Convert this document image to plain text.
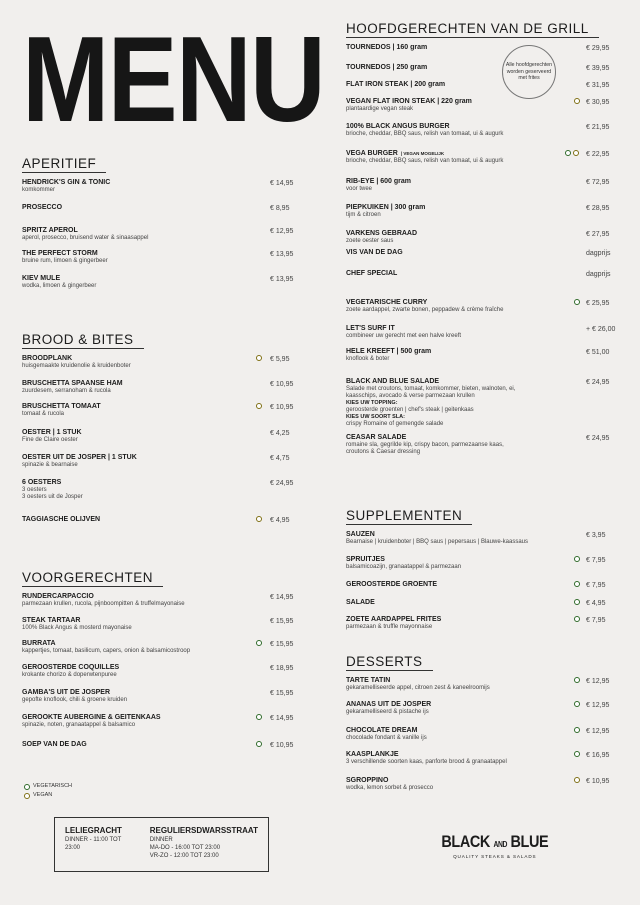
MENU
APERITIEF
HENDRICK'S GIN & TONIC
komkommer
€ 14,95
PROSECCO	€ 8,95
SPRITZ APEROL
aperol, prosecco, bruisend water & sinaasappel
€ 12,95
THE PERFECT STORM
bruine rum, limoen & gingerbeer
€ 13,95
KIEV MULE
wodka, limoen & gingerbeer
€ 13,95
BROOD & BITES
BROODPLANK
huisgemaakte kruidenolie & kruidenboter
€ 5,95
BRUSCHETTA SPAANSE HAM
zuurdesem, serranoham & rucola
€ 10,95
BRUSCHETTA TOMAAT
tomaat & rucola
€ 10,95
OESTER | 1 STUK
Fine de Claire oester
€ 4,25
OESTER UIT DE JOSPER | 1 STUK
spinazie & bearnaise
€ 4,75
6 OESTERS
3 oesters
3 oesters uit de Josper
€ 24,95
TAGGIASCHE OLIJVEN	€ 4,95
VOORGERECHTEN
RUNDERCARPACCIO
parmezaan krullen, rucola, pijnboompitten & truffelmayonaise
€ 14,95
STEAK TARTAAR
100% Black Angus & mosterd mayonaise
€ 15,95
BURRATA
kappertjes, tomaat, basilicum, capers, onion & balsamicostroop
€ 15,95
GEROOSTERDE COQUILLES
krokante chorizo & doperwtenpuree
€ 18,95
GAMBA'S UIT DE JOSPER
gepofte knoflook, chili & groene kruiden
€ 15,95
GEROOKTE AUBERGINE & GEITENKAAS
spinazie, noten, granaatappel & balsamico
€ 14,95
SOEP VAN DE DAG	€ 10,95
HOOFDGERECHTEN VAN DE GRILL
TOURNEDOS | 160 gram	€ 29,95
TOURNEDOS | 250 gram	€ 39,95
FLAT IRON STEAK | 200 gram	€ 31,95
VEGAN FLAT IRON STEAK | 220 gram
plantaardige vegan steak
€ 30,95
100% BLACK ANGUS BURGER
brioche, cheddar, BBQ saus, relish van tomaat, ui & augurk
€ 21,95
VEGA BURGER | VEGAN MOGELIJK
brioche, cheddar, BBQ saus, relish van tomaat, ui & augurk
€ 22,95
RIB-EYE | 600 gram
voor twee
€ 72,95
PIEPKUIKEN | 300 gram
tijm & citroen
€ 28,95
VARKENS GEBRAAD
zoete oester saus
€ 27,95
VIS VAN DE DAG	dagprijs
CHEF SPECIAL	dagprijs
VEGETARISCHE CURRY
zoete aardappel, zwarte bonen, peppadew & crème fraîche
€ 25,95
LET'S SURF IT
combineer uw gerecht met een halve kreeft
+ € 26,00
HELE KREEFT | 500 gram
knoflook & boter
€ 51,00
BLACK AND BLUE SALADE
Salade met croutons, tomaat, komkommer, bieten, walnoten, ei,
kaasschips, avocado & verse parmezaan krullen
KIES UW TOPPING:
geroosterde groenten | chef's steak | geitenkaas
KIES UW SOORT SLA:
crispy Romaine of gemengde salade
€ 24,95
CEASAR SALADE
romaine sla, gegrilde kip, crispy bacon, parmezaanse kaas,
croutons & Caesar dressing
€ 24,95
SUPPLEMENTEN
SAUZEN
Bearnaise | kruidenboter | BBQ saus | pepersaus | Blauwe-kaassaus
€ 3,95
SPRUITJES
balsamicoazijn, granaatappel & parmezaan
€ 7,95
GEROOSTERDE GROENTE	€ 7,95
SALADE	€ 4,95
ZOETE AARDAPPEL FRITES
parmezaan & truffle mayonnaise
€ 7,95
DESSERTS
TARTE TATIN
gekaramelliseerde appel, citroen zest & kaneelroomijs
€ 12,95
ANANAS UIT DE JOSPER
gekaramelliseerd & pistache ijs
€ 12,95
CHOCOLATE DREAM
chocolade fondant & vanille ijs
€ 12,95
KAASPLANKJE
3 verschillende soorten kaas, panforte brood & granaatappel
€ 16,95
SGROPPINO
wodka, lemon sorbet & prosecco
€ 10,95
Alle hoofdgerechten worden geserveerd met frites
VEGETARISCH
VEGAN
LELIEGRACHT
DINNER - 11:00 TOT 23:00
REGULIERSDWARSSTRAAT
DINNER
MA-DO - 16:00 TOT 23:00
VR-ZO - 12:00 TOT 23:00
BLACK AND BLUE
QUALITY STEAKS & SALADS
